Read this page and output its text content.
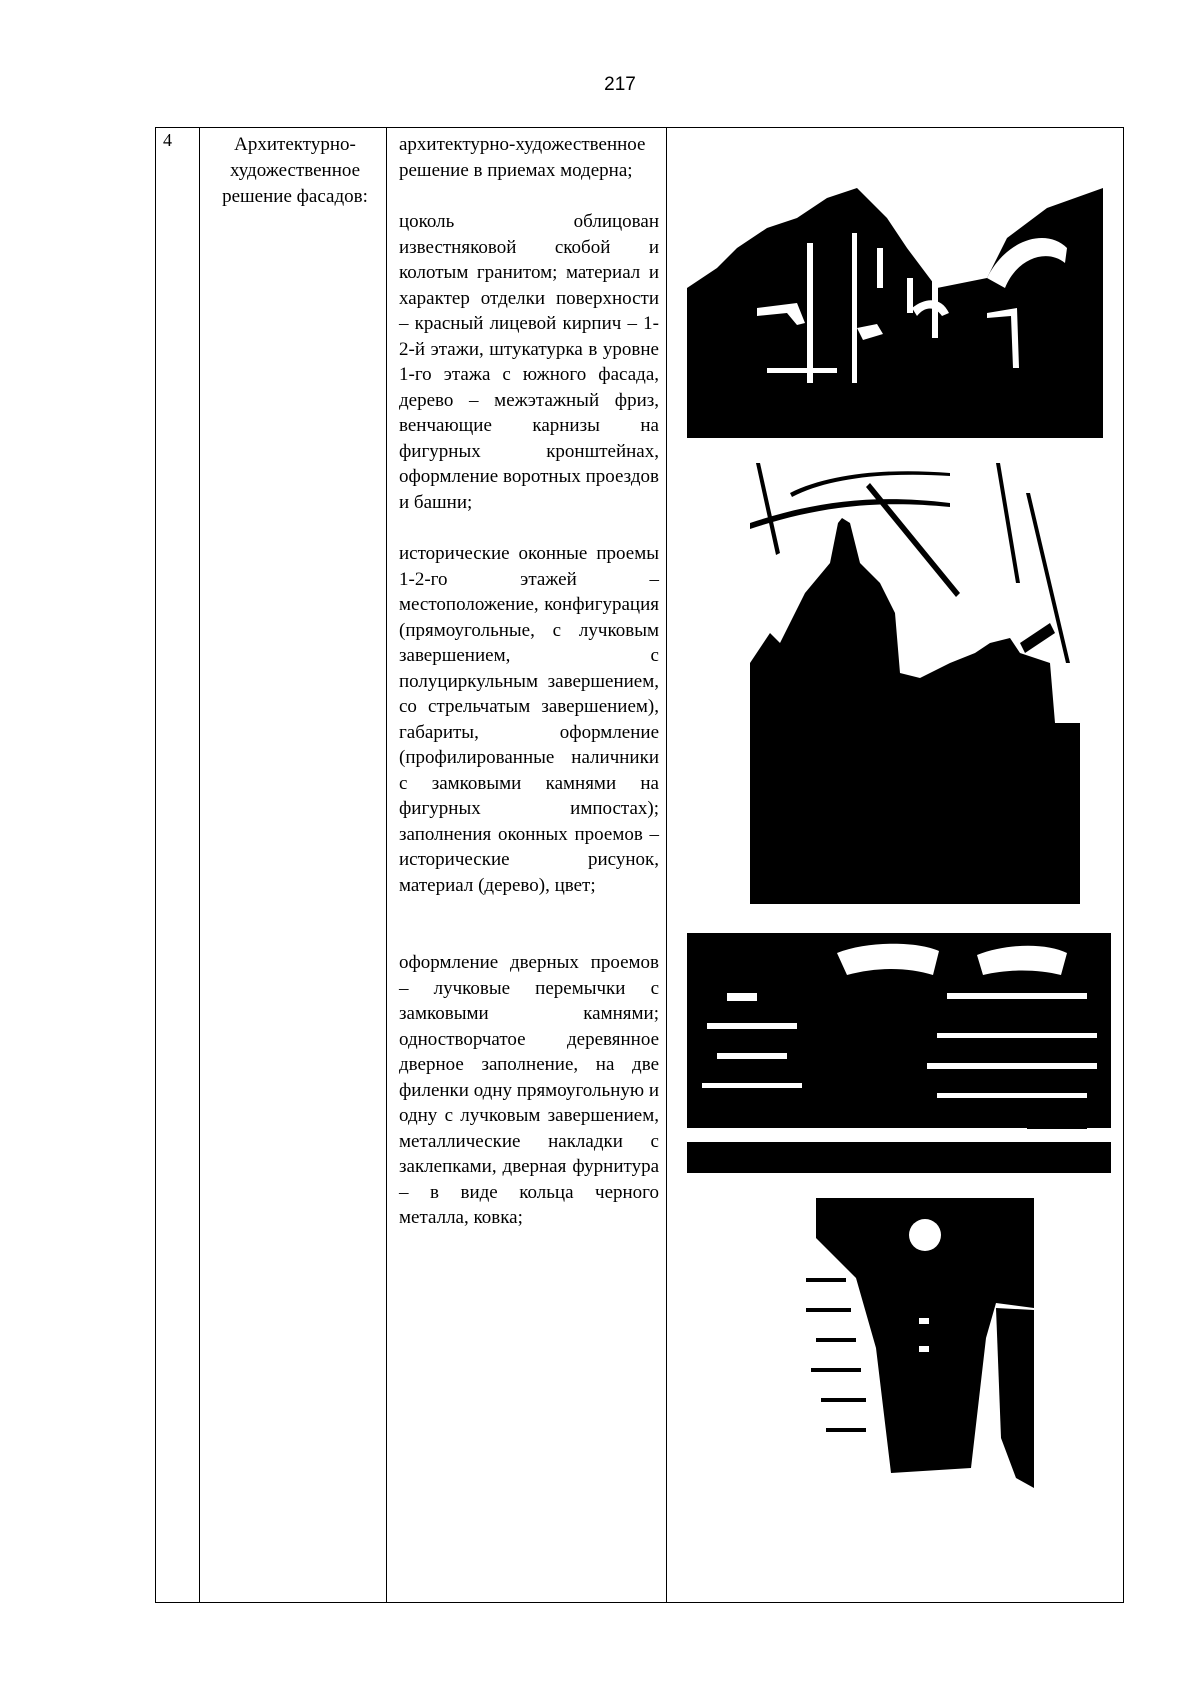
217
4	Архитектурно-художественное решение фасадов:

архитектурно-художественное решение в приемах модерна;

цоколь облицован известняковой скобой и колотым гранитом; материал и характер отделки поверхности – красный лицевой кирпич – 1-2-й этажи, штукатурка в уровне 1-го этажа с южного фасада, дерево – межэтажный фриз, венчающие карнизы на фигурных кронштейнах, оформление воротных проездов и башни;

исторические оконные проемы 1-2-го этажей – местоположение, конфигурация (прямоугольные, с лучковым завершением, с полуциркульным завершением, со стрельчатым завершением), габариты, оформление (профилированные наличники с замковыми камнями на фигурных импостах); заполнения оконных проемов – исторические рисунок, материал (дерево), цвет;

оформление дверных проемов – лучковые перемычки с замковыми камнями; одностворчатое деревянное дверное заполнение, на две филенки одну прямоугольную и одну с лучковым завершением, металлические накладки с заклепками, дверная фурнитура – в виде кольца черного металла, ковка;
